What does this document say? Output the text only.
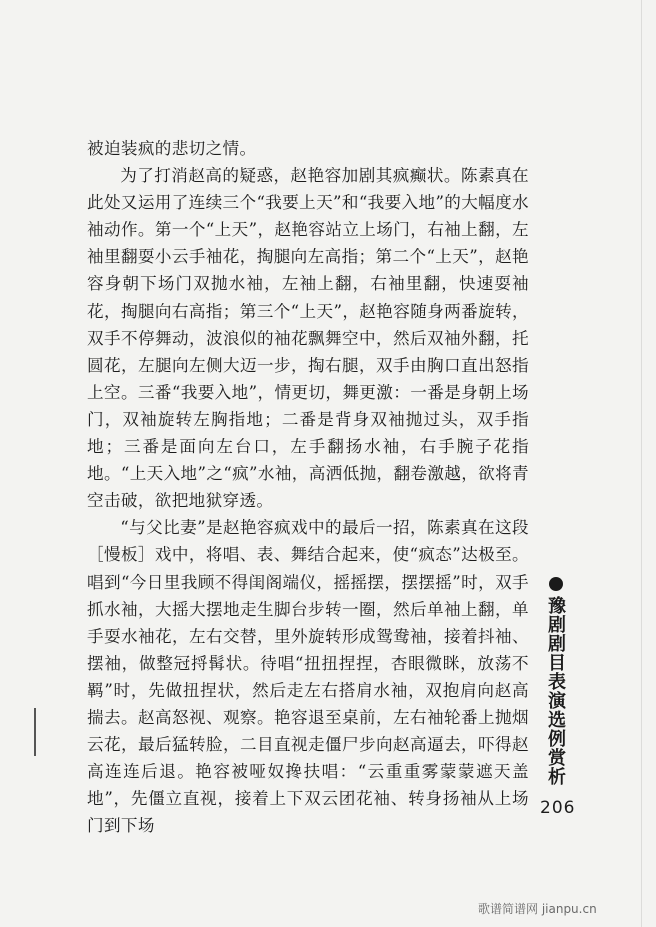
被迫装疯的悲切之情。

为了打消赵高的疑惑，赵艳容加剧其疯癫状。陈素真在此处又运用了连续三个“我要上天”和“我要入地”的大幅度水袖动作。第一个“上天”，赵艳容站立上场门，右袖上翻，左袖里翻耍小云手袖花，掏腿向左高指；第二个“上天”，赵艳容身朝下场门双抛水袖，左袖上翻，右袖里翻，快速耍袖花，掏腿向右高指；第三个“上天”，赵艳容随身两番旋转，双手不停舞动，波浪似的袖花飘舞空中，然后双袖外翻，托圆花，左腿向左侧大迈一步，掏右腿，双手由胸口直出怒指上空。三番“我要入地”，情更切，舞更激：一番是身朝上场门，双袖旋转左胸指地；二番是背身双袖抛过头，双手指地；三番是面向左台口，左手翻扬水袖，右手腕子花指地。“上天入地”之“疯”水袖，高洒低抛，翻卷激越，欲将青空击破，欲把地狱穿透。

“与父比妻”是赵艳容疯戏中的最后一招，陈素真在这段［慢板］戏中，将唱、表、舞结合起来，使“疯态”达极至。唱到“今日里我顾不得闺阁端仪，摇摇摆，摆摆摇”时，双手抓水袖，大摇大摆地走生脚台步转一圈，然后单袖上翻，单手耍水袖花，左右交替，里外旋转形成鸳鸯袖，接着抖袖、摆袖，做整冠捋髯状。待唱“扭扭捏捏，杏眼微眯，放荡不羁”时，先做扭捏状，然后走左右搭肩水袖，双抱肩向赵高揣去。赵高怒视、观察。艳容退至桌前，左右袖轮番上抛烟云花，最后猛转脸，二目直视走僵尸步向赵高逼去，吓得赵高连连后退。艳容被哑奴搀扶唱：“云重重雾蒙蒙遮天盖地”，先僵立直视，接着上下双云团花袖、转身扬袖从上场门到下场

豫剧剧目表演选例赏析
206
歌谱简谱网 jianpu.cn
